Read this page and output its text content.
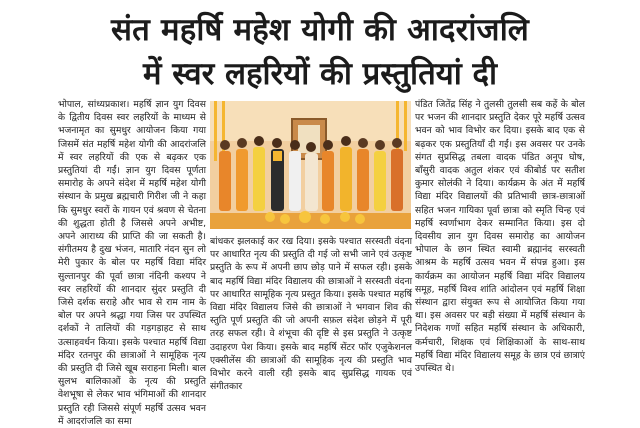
संत महर्षि महेश योगी की आदरांजलि
में स्वर लहरियों की प्रस्तुतियां दी

भोपाल, सांध्यप्रकाश। महर्षि ज्ञान युग दिवस के द्वितीय दिवस स्वर लहरियों के माध्यम से भजनामृत का सुमधुर आयोजन किया गया जिसमें संत महर्षि महेश योगी की आदरांजलि में स्वर लहरियों की एक से बढ़कर एक प्रस्तुतियां दी गईं। ज्ञान युग दिवस पूर्णता समारोह के अपने संदेश में महर्षि महेश योगी संस्थान के प्रमुख ब्रह्मचारी गिरीश जी ने कहा कि सुमधुर स्वरों के गायन एवं श्रवण से चेतना की शुद्धता होती है जिससे अपने अभीष्ट, अपने आराध्य की प्राप्ति की जा सकती है। संगीतमय है दुख भंजन, मातारि नंदन सुन लो मेरी पुकार के बोल पर महर्षि विद्या मंदिर सुल्तानपुर की पूर्वा छात्रा नंदिनी कश्यप ने स्वर लहरियों की शानदार सुंदर प्रस्तुति दी जिसे दर्शक सराहे और भाव से राम नाम के बोल पर अपने श्रद्धा गया जिस पर उपस्थित दर्शकों ने तालियों की गड़गड़ाहट से साथ उत्साहवर्धन किया। इसके पश्चात महर्षि विद्या मंदिर रतनपुर की छात्राओं ने सामूहिक नृत्य की प्रस्तुति दी जिसे खूब सराहना मिली। बाल सुलभ बालिकाओं के नृत्य की प्रस्तुति वेशभूषा से लेकर भाव भंगिमाओं की शानदार प्रस्तुति रही जिससे संपूर्ण महर्षि उत्सव भवन में आदरांजलि का समा

बांधकर झलकाई कर रख दिया। इसके पश्चात सरस्वती वंदना पर आधारित नृत्य की प्रस्तुति दी गई जो सभी जाने एवं उत्कृष्ट प्रस्तुति के रूप में अपनी छाप छोड़ पाने में सफल रही। इसके बाद महर्षि विद्या मंदिर विद्यालय की छात्राओं ने सरस्वती वंदना पर आधारित सामूहिक नृत्य प्रस्तुत किया। इसके पश्चात महर्षि विद्या मंदिर विद्यालय जिसे की छात्राओं ने भगवान शिव की स्तुति पूर्ण प्रस्तुति की जो अपनी सफ़ल संदेश छोड़ने में पूरी तरह सफल रही। वे शंभूचा की दृष्टि से इस प्रस्तुति ने उत्कृष्ट उदाहरण पेश किया। इसके बाद महर्षि सेंटर फॉर एजुकेशनल एक्सीलेंस की छात्राओं की सामूहिक नृत्य की प्रस्तुति भाव विभोर करने वाली रही इसके बाद सुप्रसिद्ध गायक एवं संगीतकार

पंडित जितेंद्र सिंह ने तुलसी तुलसी सब कहें के बोल पर भजन की शानदार प्रस्तुति देकर पूरे महर्षि उत्सव भवन को भाव विभोर कर दिया। इसके बाद एक से बढ़कर एक प्रस्तुतियाँ दी गईं। इस अवसर पर उनके संगत सुप्रसिद्ध तबला वादक पंडित अनूप घोष, बाँसुरी वादक अतुल शंकर एवं कीबोर्ड पर सतीश कुमार सोलंकी ने दिया। कार्यक्रम के अंत में महर्षि विद्या मंदिर विद्यालयों की प्रतिभावी छात्र-छात्राओं सहित भजन गायिका पूर्वा छात्रा को स्मृति चिन्ह एवं महर्षि स्वर्णाभाग देकर सम्मानित किया। इस दो दिवसीय ज्ञान युग दिवस समारोह का आयोजन भोपाल के छान स्थित स्वामी ब्रह्मानंद सरस्वती आश्रम के महर्षि उत्सव भवन में संपन्न हुआ। इस कार्यक्रम का आयोजन महर्षि विद्या मंदिर विद्यालय समूह, महर्षि विश्व शांति आंदोलन एवं महर्षि शिक्षा संस्थान द्वारा संयुक्त रूप से आयोजित किया गया था। इस अवसर पर बड़ी संख्या में महर्षि संस्थान के निदेशक गणों सहित महर्षि संस्थान के अधिकारी, कर्मचारी, शिक्षक एवं शिक्षिकाओं के साथ-साथ महर्षि विद्या मंदिर विद्यालय समूह के छात्र एवं छात्राएं उपस्थित थे।
